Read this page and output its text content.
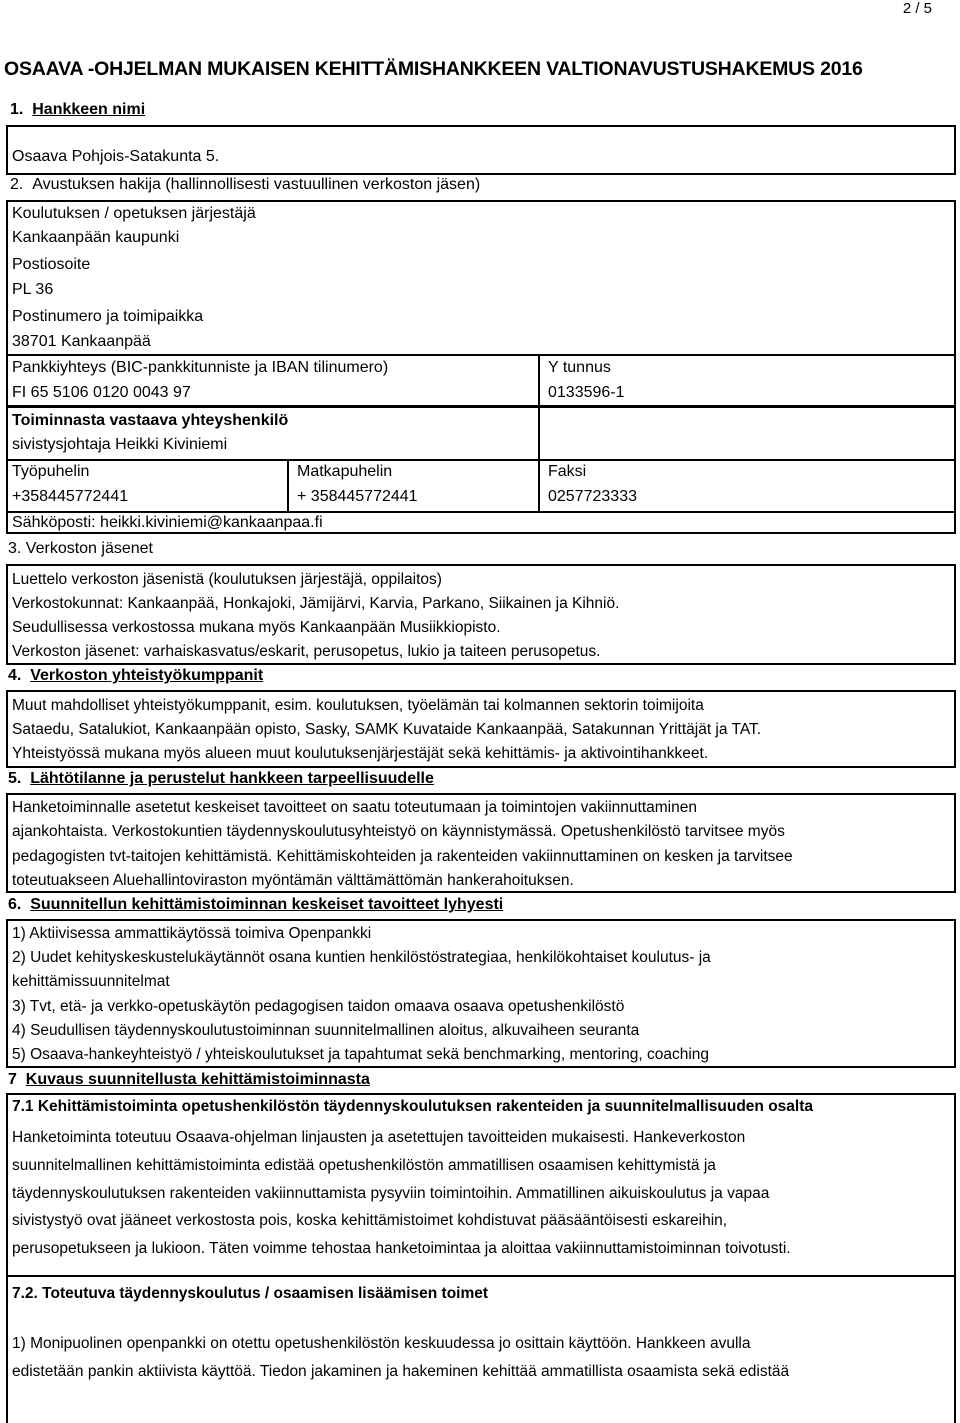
2 / 5
OSAAVA -OHJELMAN MUKAISEN KEHITTÄMISHANKKEEN VALTIONAVUSTUSHAKEMUS 2016
1. Hankkeen nimi
Osaava Pohjois-Satakunta 5.
2. Avustuksen hakija (hallinnollisesti vastuullinen verkoston jäsen)
Koulutuksen / opetuksen järjestäjä
Kankaanpään kaupunki
Postiosoite
PL 36
Postinumero ja toimipaikka
38701 Kankaanpää
Pankkiyhteys (BIC-pankkitunniste ja IBAN tilinumero)
FI 65 5106 0120 0043 97
Y tunnus
0133596-1
Toiminnasta vastaava yhteyshenkilö
sivistysjohtaja Heikki Kiviniemi
Työpuhelin
+358445772441
Matkapuhelin
+ 358445772441
Faksi
0257723333
Sähköposti: heikki.kiviniemi@kankaanpaa.fi
3. Verkoston jäsenet
Luettelo verkoston jäsenistä (koulutuksen järjestäjä, oppilaitos)
Verkostokunnat: Kankaanpää, Honkajoki, Jämijärvi, Karvia, Parkano, Siikainen ja Kihniö.
Seudullisessa verkostossa mukana myös Kankaanpään Musiikkiopisto.
Verkoston jäsenet: varhaiskasvatus/eskarit, perusopetus, lukio ja taiteen perusopetus.
4. Verkoston yhteistyökumppanit
Muut mahdolliset yhteistyökumppanit, esim. koulutuksen, työelämän tai kolmannen sektorin toimijoita
Sataedu, Satalukiot, Kankaanpään opisto, Sasky, SAMK Kuvataide Kankaanpää, Satakunnan Yrittäjät ja TAT.
Yhteistyössä mukana myös alueen muut koulutuksenjärjestäjät sekä kehittämis- ja aktivointihankkeet.
5. Lähtötilanne ja perustelut hankkeen tarpeellisuudelle
Hanketoiminnalle asetetut keskeiset tavoitteet on saatu toteutumaan ja toimintojen vakiinnuttaminen
ajankohtaista. Verkostokuntien täydennyskoulutusyhteistyö on käynnistymässä. Opetushenkilöstö tarvitsee myös
pedagogisten tvt-taitojen kehittämistä. Kehittämiskohteiden ja rakenteiden vakiinnuttaminen on kesken ja tarvitsee
toteutuakseen Aluehallintoviraston myöntämän välttämättömän hankerahoituksen.
6. Suunnitellun kehittämistoiminnan keskeiset tavoitteet lyhyesti
1) Aktiivisessa ammattikäytössä toimiva Openpankki
2) Uudet kehityskeskustelukäytännöt osana kuntien henkilöstöstrategiaa, henkilökohtaiset koulutus- ja
kehittämissuunnitelmat
3) Tvt, etä- ja verkko-opetuskäytön pedagogisen taidon omaava osaava opetushenkilöstö
4) Seudullisen täydennyskoulutustoiminnan suunnitelmallinen aloitus, alkuvaiheen seuranta
5) Osaava-hankeyhteistyö / yhteiskoulutukset ja tapahtumat sekä benchmarking, mentoring, coaching
7 Kuvaus suunnitellusta kehittämistoiminnasta
7.1 Kehittämistoiminta opetushenkilöstön täydennyskoulutuksen rakenteiden ja suunnitelmallisuuden osalta
Hanketoiminta toteutuu Osaava-ohjelman linjausten ja asetettujen tavoitteiden mukaisesti. Hankeverkoston
suunnitelmallinen kehittämistoiminta edistää opetushenkilöstön ammatillisen osaamisen kehittymistä ja
täydennyskoulutuksen rakenteiden vakiinnuttamista pysyviin toimintoihin. Ammatillinen aikuiskoulutus ja vapaa
sivistystyö ovat jääneet verkostosta pois, koska kehittämistoimet kohdistuvat pääsääntöisesti eskareihin,
perusopetukseen ja lukioon. Täten voimme tehostaa hanketoimintaa ja aloittaa vakiinnuttamistoiminnan toivotusti.
7.2. Toteutuva täydennyskoulutus / osaamisen lisäämisen toimet
1) Monipuolinen openpankki on otettu opetushenkilöstön keskuudessa jo osittain käyttöön. Hankkeen avulla
edistetään pankin aktiivista käyttöä. Tiedon jakaminen ja hakeminen kehittää ammatillista osaamista sekä edistää
